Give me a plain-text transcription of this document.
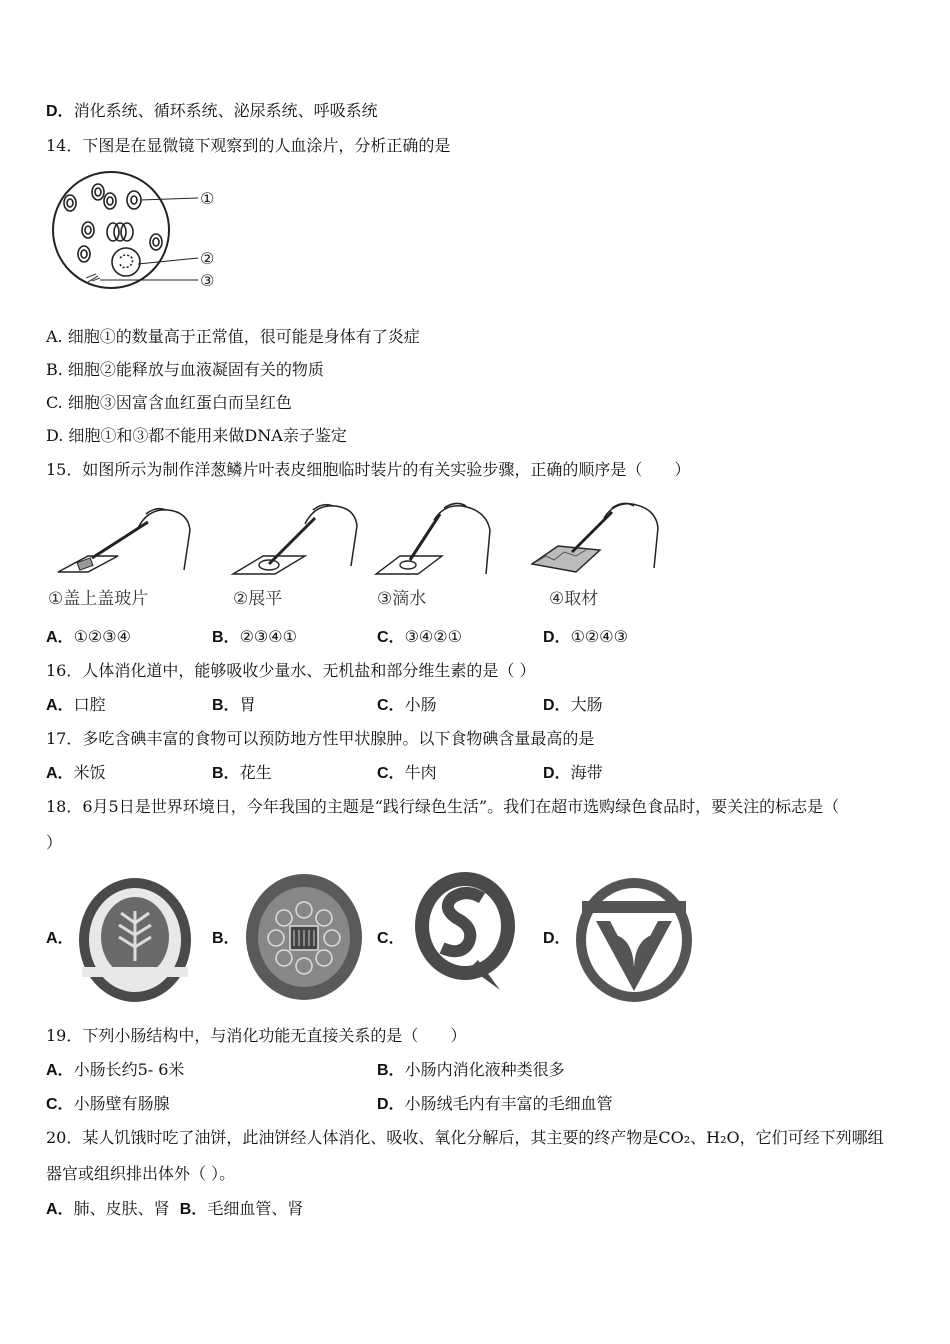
D．消化系统、循环系统、泌尿系统、呼吸系统
14．下图是在显微镜下观察到的人血涂片，分析正确的是
①
②
③
A. 细胞①的数量高于正常值，很可能是身体有了炎症
B. 细胞②能释放与血液凝固有关的物质
C. 细胞③因富含血红蛋白而呈红色
D. 细胞①和③都不能用来做DNA亲子鉴定
15．如图所示为制作洋葱鳞片叶表皮细胞临时装片的有关实验步骤，正确的顺序是（　　）
①盖上盖玻片	②展平	③滴水	④取材
A．①②③④	B．②③④①	C．③④②①	D．①②④③
16．人体消化道中，能够吸收少量水、无机盐和部分维生素的是（ ）
A．口腔	B．胃	C．小肠	D．大肠
17．多吃含碘丰富的食物可以预防地方性甲状腺肿。以下食物碘含量最高的是
A．米饭	B．花生	C．牛肉	D．海带
18．6月5日是世界环境日，今年我国的主题是“践行绿色生活”。我们在超市选购绿色食品时，要关注的标志是（
）
A．	B．	C．	D．
19．下列小肠结构中，与消化功能无直接关系的是（　　）
A．小肠长约5- 6米	B．小肠内消化液种类很多
C．小肠壁有肠腺	D．小肠绒毛内有丰富的毛细血管
20．某人饥饿时吃了油饼，此油饼经人体消化、吸收、氧化分解后，其主要的终产物是CO₂、H₂O，它们可经下列哪组
器官或组织排出体外（ ）。
A．肺、皮肤、肾 B．毛细血管、肾
